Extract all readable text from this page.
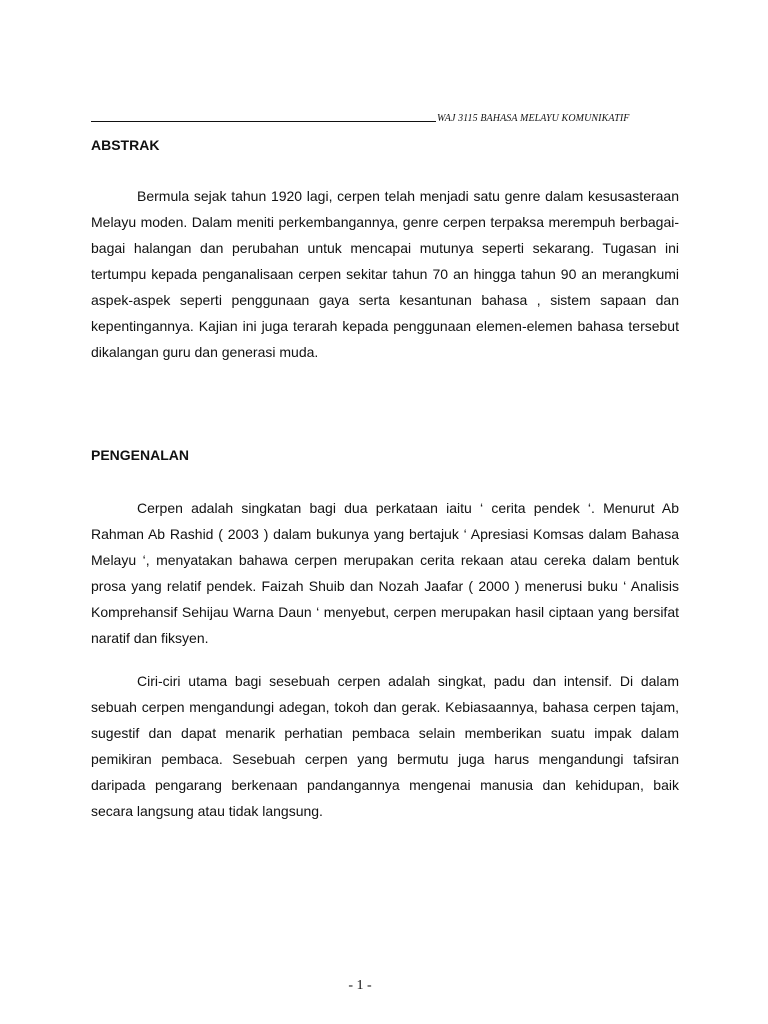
WAJ 3115 BAHASA MELAYU KOMUNIKATIF
ABSTRAK

Bermula sejak tahun 1920 lagi, cerpen telah menjadi satu genre dalam kesusasteraan Melayu moden. Dalam meniti perkembangannya, genre cerpen terpaksa merempuh berbagai-bagai halangan dan perubahan untuk mencapai mutunya seperti sekarang. Tugasan ini tertumpu kepada penganalisaan cerpen sekitar tahun 70 an hingga tahun 90 an merangkumi aspek-aspek seperti penggunaan gaya serta kesantunan bahasa , sistem sapaan dan kepentingannya. Kajian ini juga terarah kepada penggunaan elemen-elemen bahasa tersebut dikalangan guru dan generasi muda.

PENGENALAN

Cerpen adalah singkatan bagi dua perkataan iaitu ‘ cerita pendek ‘. Menurut Ab Rahman Ab Rashid ( 2003 ) dalam bukunya yang bertajuk ‘ Apresiasi Komsas dalam Bahasa Melayu ‘, menyatakan bahawa cerpen merupakan cerita rekaan atau cereka dalam bentuk prosa yang relatif pendek. Faizah Shuib dan Nozah Jaafar ( 2000 ) menerusi buku ‘ Analisis Komprehansif Sehijau Warna Daun ‘ menyebut, cerpen merupakan hasil ciptaan yang bersifat naratif dan fiksyen.

Ciri-ciri utama bagi sesebuah cerpen adalah singkat, padu dan intensif. Di dalam sebuah cerpen mengandungi adegan, tokoh dan gerak. Kebiasaannya, bahasa cerpen tajam, sugestif dan dapat menarik perhatian pembaca selain memberikan suatu impak dalam pemikiran pembaca. Sesebuah cerpen yang bermutu juga harus mengandungi tafsiran daripada pengarang berkenaan pandangannya mengenai manusia dan kehidupan, baik secara langsung atau tidak langsung.

- 1 -
